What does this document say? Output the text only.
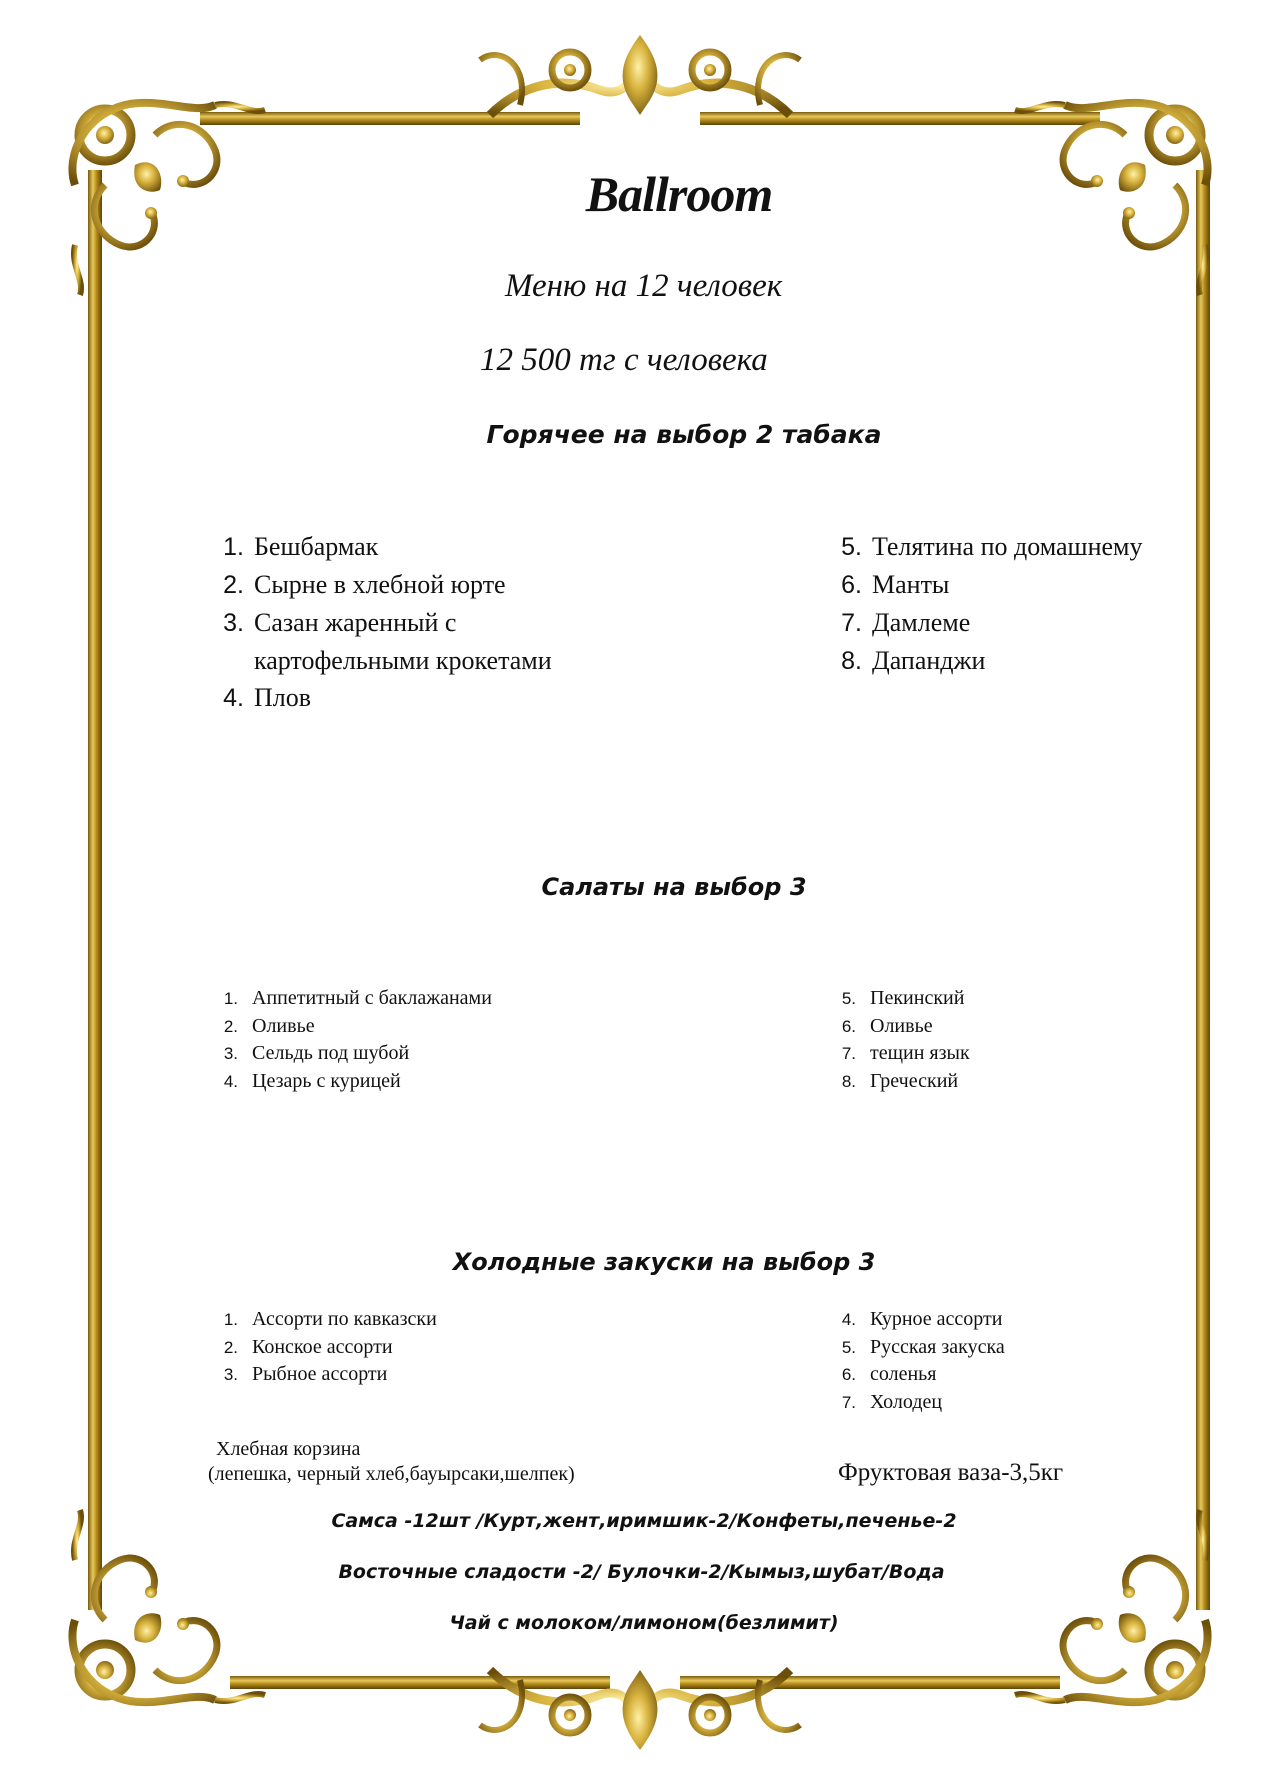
Ballroom
Меню на 12 человек
12 500 тг с человека
Горячее на выбор 2 табака
1. Бешбармак
2. Сырне в хлебной юрте
3. Сазан жаренный с
картофельными крокетами
4. Плов
5. Телятина по домашнему
6. Манты
7. Дамлеме
8. Дапанджи
Салаты на выбор 3
1. Аппетитный с баклажанами
2. Оливье
3. Сельдь под шубой
4. Цезарь с курицей
5. Пекинский
6. Оливье
7. тещин язык
8. Греческий
Холодные закуски на выбор 3
1. Ассорти по кавказски
2. Конское ассорти
3. Рыбное ассорти
4. Курное ассорти
5. Русская закуска
6. соленья
7. Холодец
Хлебная корзина
(лепешка, черный хлеб,бауырсаки,шелпек)	Фруктовая ваза-3,5кг
Самса -12шт /Курт,жент,иримшик-2/Конфеты,печенье-2
Восточные сладости -2/ Булочки-2/Кымыз,шубат/Вода
Чай с молоком/лимоном(безлимит)
